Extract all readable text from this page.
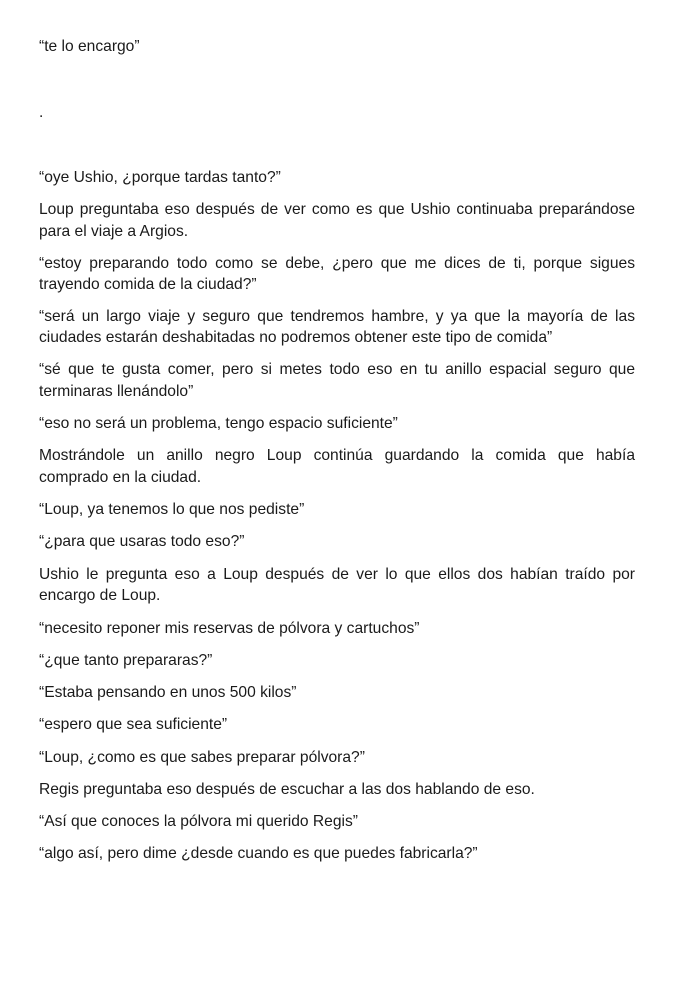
“te lo encargo”
.
“oye Ushio, ¿porque tardas tanto?”
Loup preguntaba eso después de ver como es que Ushio continuaba preparándose
para el viaje a Argios.
“estoy preparando todo como se debe, ¿pero que me dices de ti, porque sigues
trayendo comida de la ciudad?”
“será un largo viaje y seguro que tendremos hambre, y ya que la mayoría de las
ciudades estarán deshabitadas no podremos obtener este tipo de comida”
“sé que te gusta comer, pero si metes todo eso en tu anillo espacial seguro que
terminaras llenándolo”
“eso no será un problema, tengo espacio suficiente”
Mostrándole un anillo negro Loup continúa guardando la comida que había
comprado en la ciudad.
“Loup, ya tenemos lo que nos pediste”
“¿para que usaras todo eso?”
Ushio le pregunta eso a Loup después de ver lo que ellos dos habían traído por
encargo de Loup.
“necesito reponer mis reservas de pólvora y cartuchos”
“¿que tanto prepararas?”
“Estaba pensando en unos 500 kilos”
“espero que sea suficiente”
“Loup, ¿como es que sabes preparar pólvora?”
Regis preguntaba eso después de escuchar a las dos hablando de eso.
“Así que conoces la pólvora mi querido Regis”
“algo así, pero dime ¿desde cuando es que puedes fabricarla?”
